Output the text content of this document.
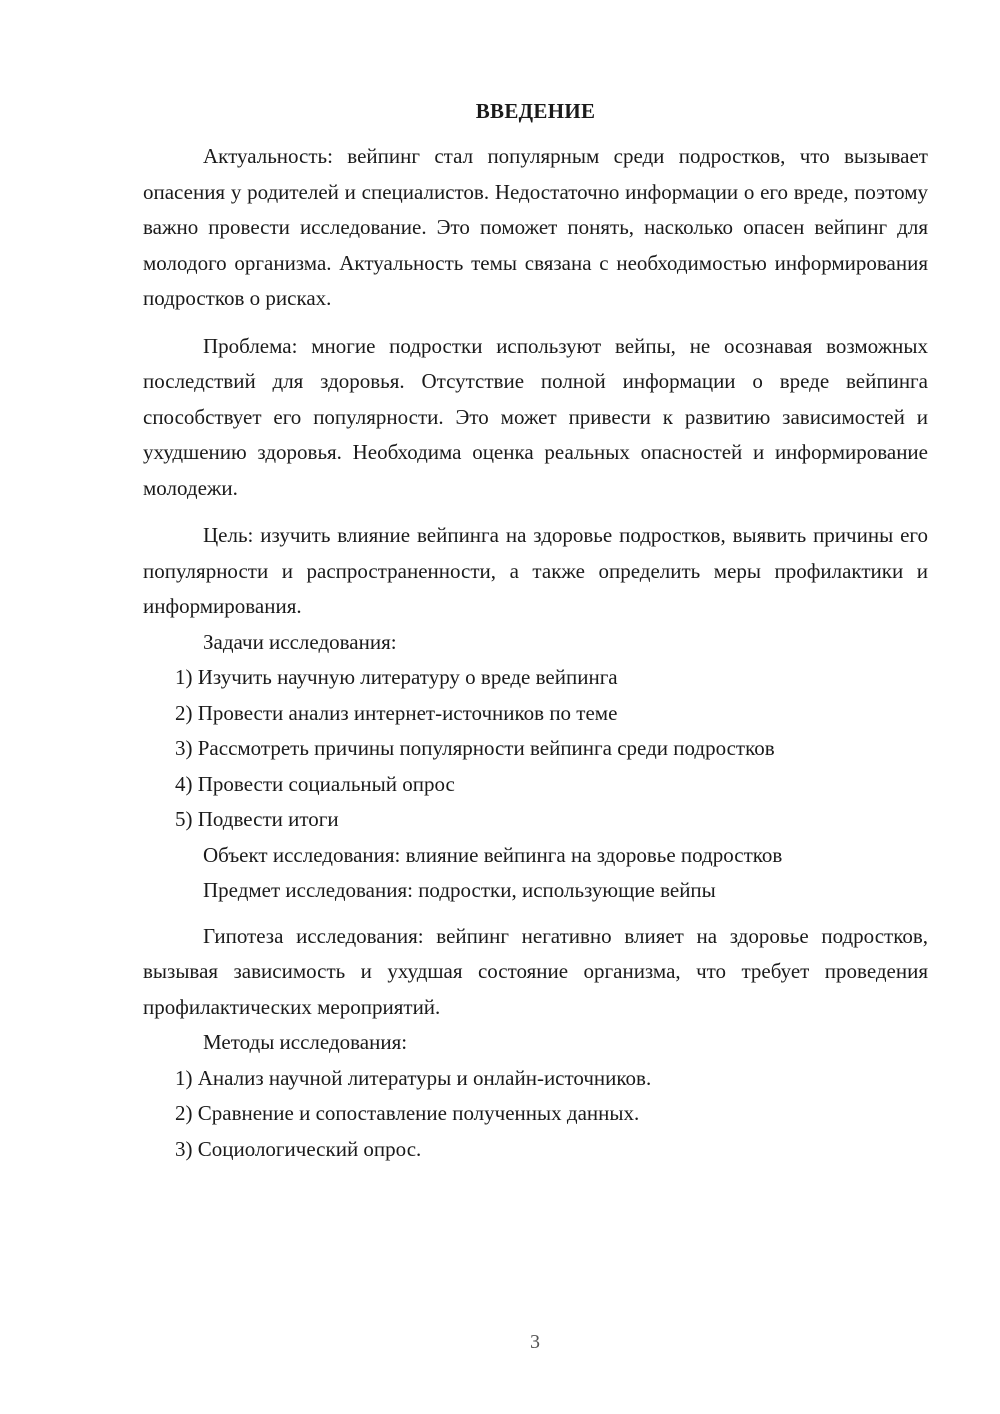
ВВЕДЕНИЕ

Актуальность: вейпинг стал популярным среди подростков, что вызывает опасения у родителей и специалистов. Недостаточно информации о его вреде, поэтому важно провести исследование. Это поможет понять, насколько опасен вейпинг для молодого организма. Актуальность темы связана с необходимостью информирования подростков о рисках.

Проблема: многие подростки используют вейпы, не осознавая возможных последствий для здоровья. Отсутствие полной информации о вреде вейпинга способствует его популярности. Это может привести к развитию зависимостей и ухудшению здоровья. Необходима оценка реальных опасностей и информирование молодежи.

Цель: изучить влияние вейпинга на здоровье подростков, выявить причины его популярности и распространенности, а также определить меры профилактики и информирования.

Задачи исследования:

1) Изучить научную литературу о вреде вейпинга

2) Провести анализ интернет-источников по теме

3) Рассмотреть причины популярности вейпинга среди подростков

4) Провести социальный опрос

5) Подвести итоги

Объект исследования: влияние вейпинга на здоровье подростков

Предмет исследования: подростки, использующие вейпы

Гипотеза исследования: вейпинг негативно влияет на здоровье подростков, вызывая зависимость и ухудшая состояние организма, что требует проведения профилактических мероприятий.

Методы исследования:

1) Анализ научной литературы и онлайн-источников.

2) Сравнение и сопоставление полученных данных.

3) Социологический опрос.

3
